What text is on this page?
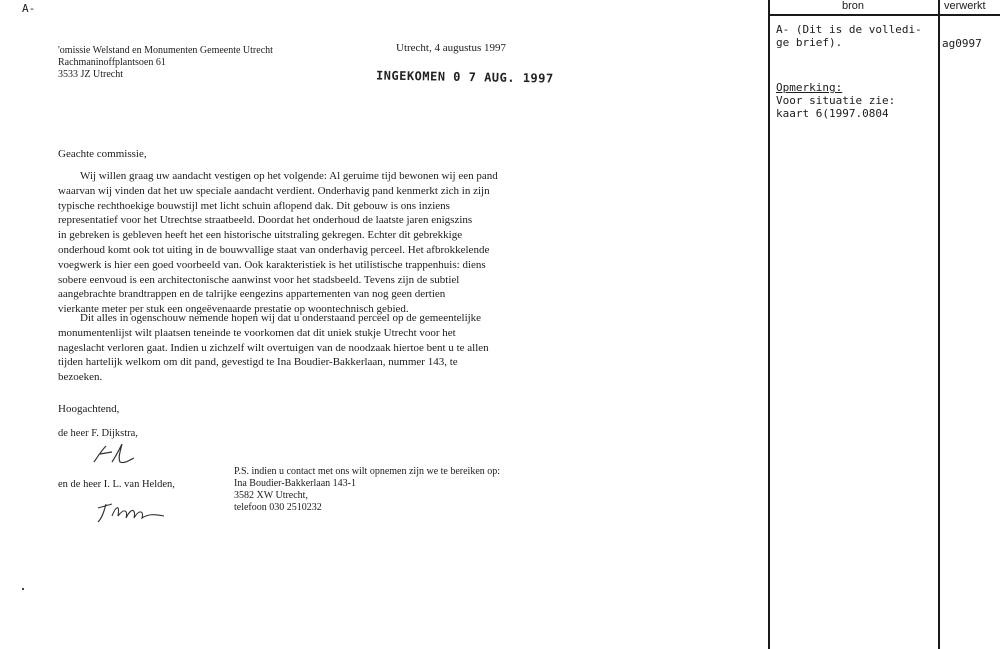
A-
'omissie Welstand en Monumenten Gemeente Utrecht
Rachmaninoffplantsoen 61
3533 JZ Utrecht
Utrecht, 4 augustus 1997
INGEKOMEN 0 7 AUG. 1997
Geachte commissie,
Wij willen graag uw aandacht vestigen op het volgende: Al geruime tijd bewonen wij een pand
waarvan wij vinden dat het uw speciale aandacht verdient. Onderhavig pand kenmerkt zich in zijn
typische rechthoekige bouwstijl met licht schuin aflopend dak. Dit gebouw is ons inziens
representatief voor het Utrechtse straatbeeld. Doordat het onderhoud de laatste jaren enigszins
in gebreken is gebleven heeft het een historische uitstraling gekregen. Echter dit gebrekkige
onderhoud komt ook tot uiting in de bouwvallige staat van onderhavig perceel. Het afbrokkelende
voegwerk is hier een goed voorbeeld van. Ook karakteristiek is het utilistische trappenhuis: diens
sobere eenvoud is een architectonische aanwinst voor het stadsbeeld. Tevens zijn de subtiel
aangebrachte brandtrappen en de talrijke eengezins appartementen van nog geen dertien
vierkante meter per stuk een ongeëvenaarde prestatie op woontechnisch gebied.
Dit alles in ogenschouw nemende hopen wij dat u onderstaand perceel op de gemeentelijke
monumentenlijst wilt plaatsen teneinde te voorkomen dat dit uniek stukje Utrecht voor het
nageslacht verloren gaat. Indien u zichzelf wilt overtuigen van de noodzaak hiertoe bent u te allen
tijden hartelijk welkom om dit pand, gevestigd te Ina Boudier-Bakkerlaan, nummer 143, te
bezoeken.
Hoogachtend,
de heer F. Dijkstra,
en de heer I. L. van Helden,
P.S. indien u contact met ons wilt opnemen zijn we te bereiken op:
Ina Boudier-Bakkerlaan 143-1
3582 XW Utrecht,
telefoon 030 2510232
bron	verwerkt
A- (Dit is de volledi-
ge brief).
Opmerking:
Voor situatie zie:
kaart 6(1997.0804
ag0997
